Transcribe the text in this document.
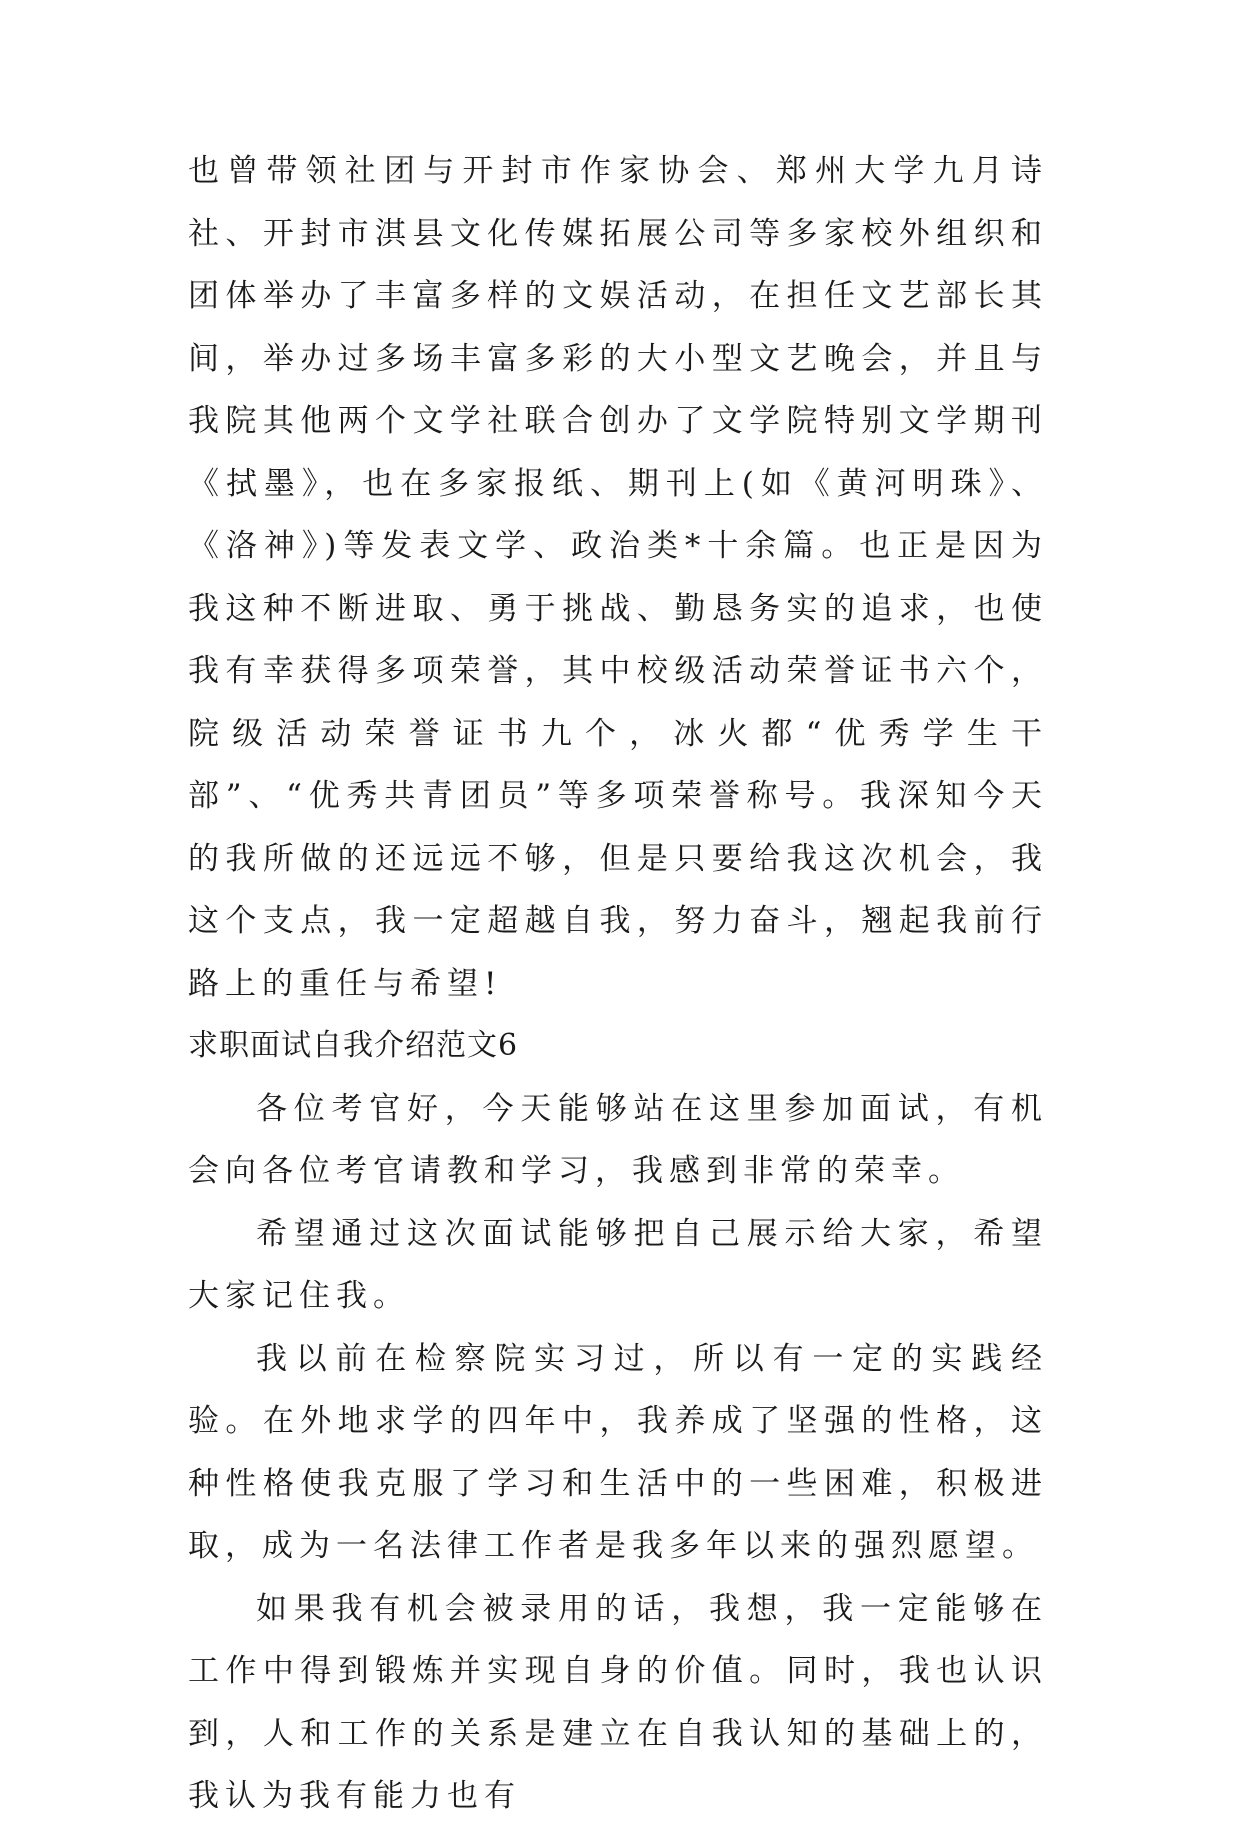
也曾带领社团与开封市作家协会、郑州大学九月诗社、开封市淇县文化传媒拓展公司等多家校外组织和团体举办了丰富多样的文娱活动，在担任文艺部长其间，举办过多场丰富多彩的大小型文艺晚会，并且与我院其他两个文学社联合创办了文学院特别文学期刊《拭墨》，也在多家报纸、期刊上(如《黄河明珠》、《洛神》)等发表文学、政治类*十余篇。也正是因为我这种不断进取、勇于挑战、勤恳务实的追求，也使我有幸获得多项荣誉，其中校级活动荣誉证书六个，院级活动荣誉证书九个，冰火都“优秀学生干部”、“优秀共青团员”等多项荣誉称号。我深知今天的我所做的还远远不够，但是只要给我这次机会，我这个支点，我一定超越自我，努力奋斗，翘起我前行路上的重任与希望!

求职面试自我介绍范文6

各位考官好，今天能够站在这里参加面试，有机会向各位考官请教和学习，我感到非常的荣幸。

希望通过这次面试能够把自己展示给大家，希望大家记住我。

我以前在检察院实习过，所以有一定的实践经验。在外地求学的四年中，我养成了坚强的性格，这种性格使我克服了学习和生活中的一些困难，积极进取，成为一名法律工作者是我多年以来的强烈愿望。

如果我有机会被录用的话，我想，我一定能够在工作中得到锻炼并实现自身的价值。同时，我也认识到，人和工作的关系是建立在自我认知的基础上的，我认为我有能力也有
